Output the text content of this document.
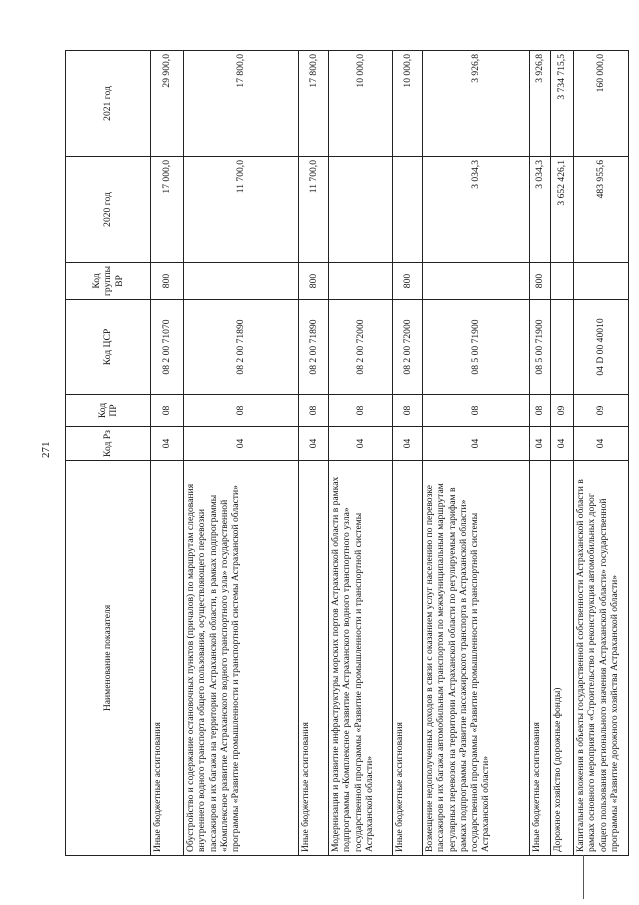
271
Наименование показателя	Код Рз	Код ПР	Код ЦСР	Код группы ВР	2020 год	2021 год
Иные бюджетные ассигнования	04	08	08 2 00 71070	800	17 000,0	29 900,0
Обустройство и содержание остановочных пунктов (причалов) по маршрутам следования внутреннего водного транспорта общего пользования, осуществляющего перевозки пассажиров и их багажа на территории Астраханской области, в рамках подпрограммы «Комплексное развитие Астраханского водного транспортного узла» государственной программы «Развитие промышленности и транспортной системы Астраханской области»	04	08	08 2 00 71890		11 700,0	17 800,0
Иные бюджетные ассигнования	04	08	08 2 00 71890	800	11 700,0	17 800,0
Модернизация и развитие инфраструктуры морских портов Астраханской области в рамках подпрограммы «Комплексное развитие Астраханского водного транспортного узла» государственной программы «Развитие промышленности и транспортной системы Астраханской области»	04	08	08 2 00 72000			10 000,0
Иные бюджетные ассигнования	04	08	08 2 00 72000	800		10 000,0
Возмещение недополученных доходов в связи с оказанием услуг населению по перевозке пассажиров и их багажа автомобильным транспортом по межмуниципальным маршрутам регулярных перевозок на территории Астраханской области по регулируемым тарифам в рамках подпрограммы «Развитие пассажирского транспорта в Астраханской области» государственной программы «Развитие промышленности и транспортной системы Астраханской области»	04	08	08 5 00 71900		3 034,3	3 926,8
Иные бюджетные ассигнования	04	08	08 5 00 71900	800	3 034,3	3 926,8
Дорожное хозяйство (дорожные фонды)	04	09			3 652 426,1	3 734 715,5
Капитальные вложения в объекты государственной собственности Астраханской области в рамках основного мероприятия «Строительство и реконструкция автомобильных дорог общего пользования регионального значения Астраханской области» государственной программы «Развитие дорожного хозяйства Астраханской области»	04	09	04 D 00 40010		483 955,6	160 000,0
